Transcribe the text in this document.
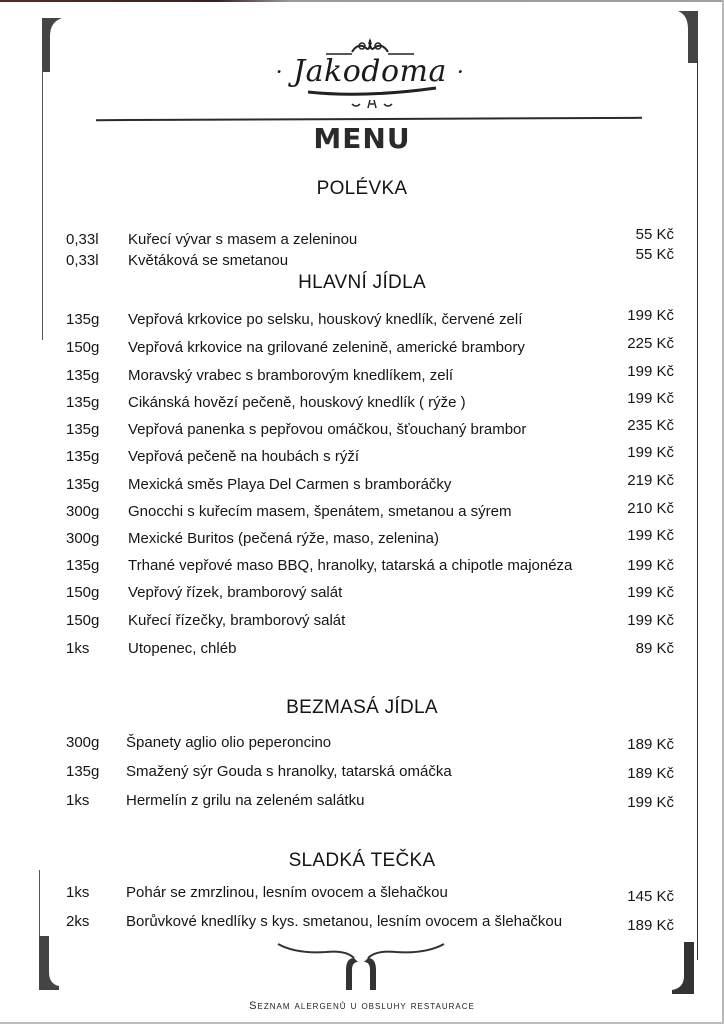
· Jakodoma ·
MENU
POLÉVKA
0,33l Kuřecí vývar s masem a zeleninou	55 Kč
0,33l Květáková se smetanou	55 Kč
HLAVNÍ JÍDLA
135g Vepřová krkovice po selsku, houskový knedlík, červené zelí	199 Kč
150g Vepřová krkovice na grilované zelenině, americké brambory	225 Kč
135g Moravský vrabec s bramborovým knedlíkem, zelí	199 Kč
135g Cikánská hovězí pečeně, houskový knedlík ( rýže )	199 Kč
135g Vepřová panenka s pepřovou omáčkou, šťouchaný brambor	235 Kč
135g Vepřová pečeně na houbách s rýží	199 Kč
135g Mexická směs Playa Del Carmen s bramboráčky	219 Kč
300g Gnocchi s kuřecím masem, špenátem, smetanou a sýrem	210 Kč
300g Mexické Buritos (pečená rýže, maso, zelenina)	199 Kč
135g Trhané vepřové maso BBQ, hranolky, tatarská a chipotle majonéza	199 Kč
150g Vepřový řízek, bramborový salát	199 Kč
150g Kuřecí řízečky, bramborový salát	199 Kč
1ks	Utopenec, chléb	89 Kč
BEZMASÁ JÍDLA
300g Španety aglio olio peperoncino	189 Kč
135g Smažený sýr Gouda s hranolky, tatarská omáčka	189 Kč
1ks Hermelín z grilu na zeleném salátku	199 Kč
SLADKÁ TEČKA
1ks Pohár se zmrzlinou, lesním ovocem a šlehačkou	145 Kč
2ks Borůvkové knedlíky s kys. smetanou, lesním ovocem a šlehačkou	189 Kč
Seznam alergenů u obsluhy restaurace
